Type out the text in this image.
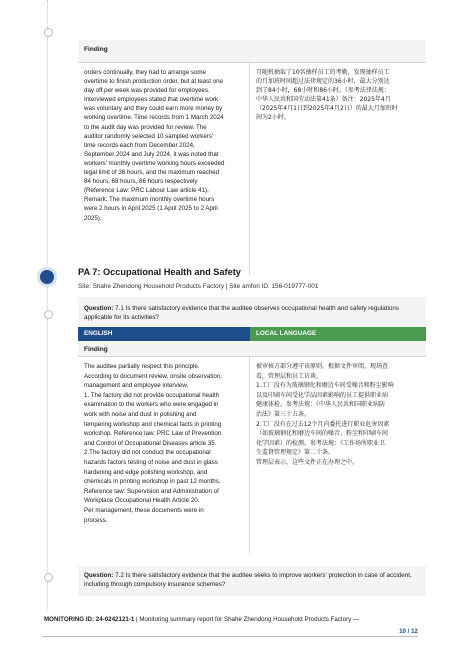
Finding
orders continually, they had to arrange some
overtime to finish production order, but at least one
day off per week was provided for employees.
Interviewed employees stated that overtime work
was voluntary and they could earn more money by
working overtime. Time records from 1 March 2024
to the audit day was provided for review. The
auditor randomly selected 10 sampled workers'
time records each from December 2024,
September 2024 and July 2024, it was noted that
workers' monthly overtime working hours exceeded
legal limit of 36 hours, and the maximum reached
84 hours, 68 hours, 86 hours respectively
(Reference Law: PRC Labour Law article 41).
Remark: The maximum monthly overtime hours
were 2 hours in April 2025 (1 April 2025 to 2 April
2025).
月随机抽取了10名抽样员工的考勤，发现抽样员工
的月加班时间超过法律规定的36小时，最大分别达
到了84小时，68小时和86小时。（参考法律法规：
中华人民共和国劳动法第41条）备注：2025年4月
（2025年4月1日到2025年4月2日）的最大月加班时
间为2小时。
PA 7: Occupational Health and Safety
Site: Shahe Zhendong Household Products Factory | Site amfori ID: 156-019777-001
Question: 7.1 Is there satisfactory evidence that the auditee observes occupational health and safety regulations applicable for its activities?
ENGLISH	LOCAL LANGUAGE
Finding
The auditee partially respect this principle.
According to document review, onsite observation,
management and employee interview,
1. The factory did not provide occupational health
examination to the workers who were engaged in
work with noise and dust in polishing and
tempering workshop and chemical facts in printing
workshop. Reference law: PRC Law of Prevention
and Control of Occupational Diseases article 35.
2.The factory did not conduct the occupational
hazards factors testing of noise and dust in glass
hardening and edge polishing workshop, and
chemicals in printing workshop in past 12 months.
Reference law: Supervision and Administration of
Workplace Occupational Health Article 20.
Per management, these documents were in
process.
被审核方部分遵守该原则。根据文件审阅，现场查
看，管理层和员工访谈，
1.工厂没有为玻璃钢化和磨边车间受噪音和粉尘影响
以及印刷车间受化学品因素影响的员工提供职业病
健康体检。参考法规：《中华人民共和国职业病防
治法》第三十五条。
2.工厂没有在过去12个月内委托进行职业危害因素
（如玻璃钢化和磨边车间的噪音、粉尘和印刷车间
化学因素）的检测。参考法规：《工作场所职业卫
生监督管理规定》第二十条。
管理层表示，这些文件正在办理之中。
Question: 7.2 Is there satisfactory evidence that the auditee seeks to improve workers' protection in case of accident, including through compulsory insurance schemes?
MONITORING ID: 24-0242121-1 | Monitoring summary report for Shahe Zhendong Household Products Factory —
10 / 12
